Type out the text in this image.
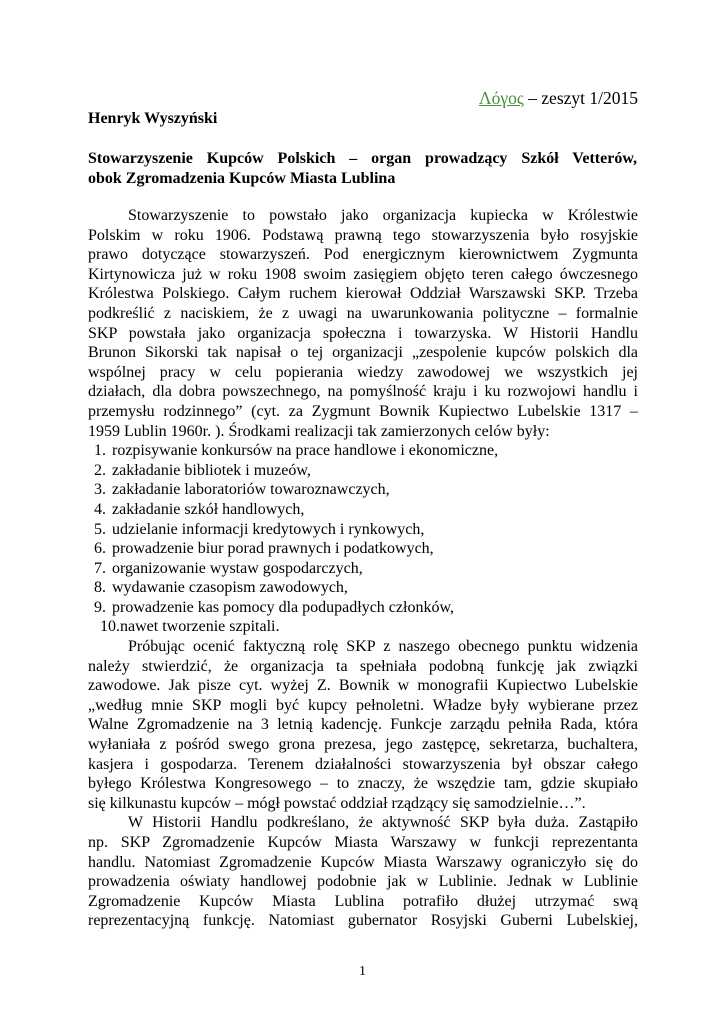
Λόγος – zeszyt 1/2015
Henryk Wyszyński
Stowarzyszenie Kupców Polskich – organ prowadzący Szkół Vetterów,
obok Zgromadzenia Kupców Miasta Lublina
Stowarzyszenie to powstało jako organizacja kupiecka w Królestwie
Polskim w roku 1906. Podstawą prawną tego stowarzyszenia było rosyjskie
prawo dotyczące stowarzyszeń. Pod energicznym kierownictwem Zygmunta
Kirtynowicza już w roku 1908 swoim zasięgiem objęto teren całego ówczesnego
Królestwa Polskiego. Całym ruchem kierował Oddział Warszawski SKP. Trzeba
podkreślić z naciskiem, że z uwagi na uwarunkowania polityczne – formalnie
SKP powstała jako organizacja społeczna i towarzyska. W Historii Handlu
Brunon Sikorski tak napisał o tej organizacji „zespolenie kupców polskich dla
wspólnej pracy w celu popierania wiedzy zawodowej we wszystkich jej
działach, dla dobra powszechnego, na pomyślność kraju i ku rozwojowi handlu i
przemysłu rodzinnego” (cyt. za Zygmunt Bownik Kupiectwo Lubelskie 1317 –
1959 Lublin 1960r. ). Środkami realizacji tak zamierzonych celów były:
1. rozpisywanie konkursów na prace handlowe i ekonomiczne,
2. zakładanie bibliotek i muzeów,
3. zakładanie laboratoriów towaroznawczych,
4. zakładanie szkół handlowych,
5. udzielanie informacji kredytowych i rynkowych,
6. prowadzenie biur porad prawnych i podatkowych,
7. organizowanie wystaw gospodarczych,
8. wydawanie czasopism zawodowych,
9. prowadzenie kas pomocy dla podupadłych członków,
10.nawet tworzenie szpitali.
Próbując ocenić faktyczną rolę SKP z naszego obecnego punktu widzenia
należy stwierdzić, że organizacja ta spełniała podobną funkcję jak związki
zawodowe. Jak pisze cyt. wyżej Z. Bownik w monografii Kupiectwo Lubelskie
„według mnie SKP mogli być kupcy pełnoletni. Władze były wybierane przez
Walne Zgromadzenie na 3 letnią kadencję. Funkcje zarządu pełniła Rada, która
wyłaniała z pośród swego grona prezesa, jego zastępcę, sekretarza, buchaltera,
kasjera i gospodarza. Terenem działalności stowarzyszenia był obszar całego
byłego Królestwa Kongresowego – to znaczy, że wszędzie tam, gdzie skupiało
się kilkunastu kupców – mógł powstać oddział rządzący się samodzielnie…”.
W Historii Handlu podkreślano, że aktywność SKP była duża. Zastąpiło
np. SKP Zgromadzenie Kupców Miasta Warszawy w funkcji reprezentanta
handlu. Natomiast Zgromadzenie Kupców Miasta Warszawy ograniczyło się do
prowadzenia oświaty handlowej podobnie jak w Lublinie. Jednak w Lublinie
Zgromadzenie Kupców Miasta Lublina potrafiło dłużej utrzymać swą
reprezentacyjną funkcję. Natomiast gubernator Rosyjski Guberni Lubelskiej,
1
